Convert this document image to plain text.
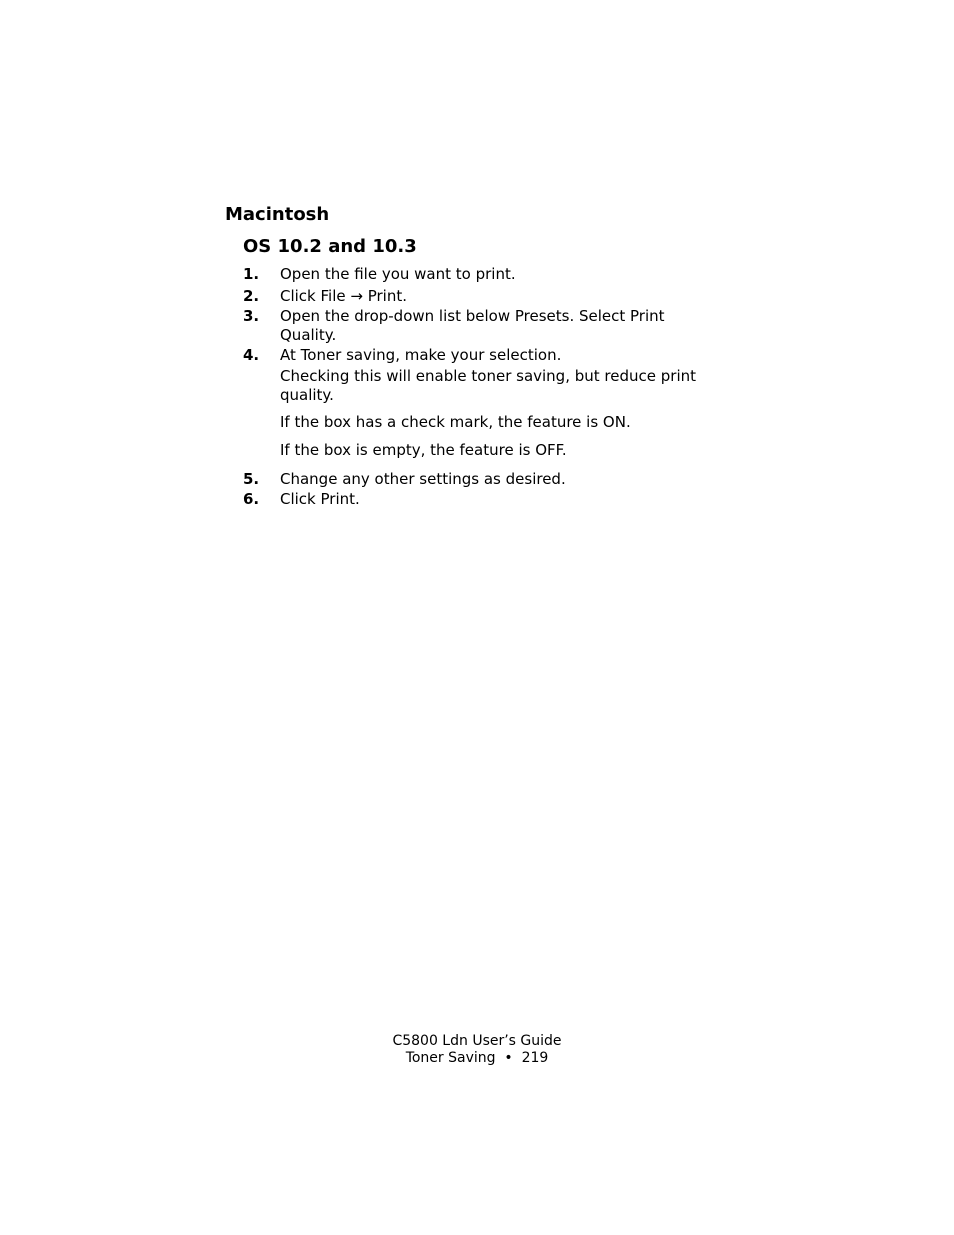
Macintosh
OS 10.2 and 10.3
1. Open the file you want to print.
2. Click File → Print.
3. Open the drop-down list below Presets. Select Print Quality.
4. At Toner saving, make your selection.
Checking this will enable toner saving, but reduce print quality.
If the box has a check mark, the feature is ON.
If the box is empty, the feature is OFF.
5. Change any other settings as desired.
6. Click Print.
C5800 Ldn User’s Guide
Toner Saving  •  219
